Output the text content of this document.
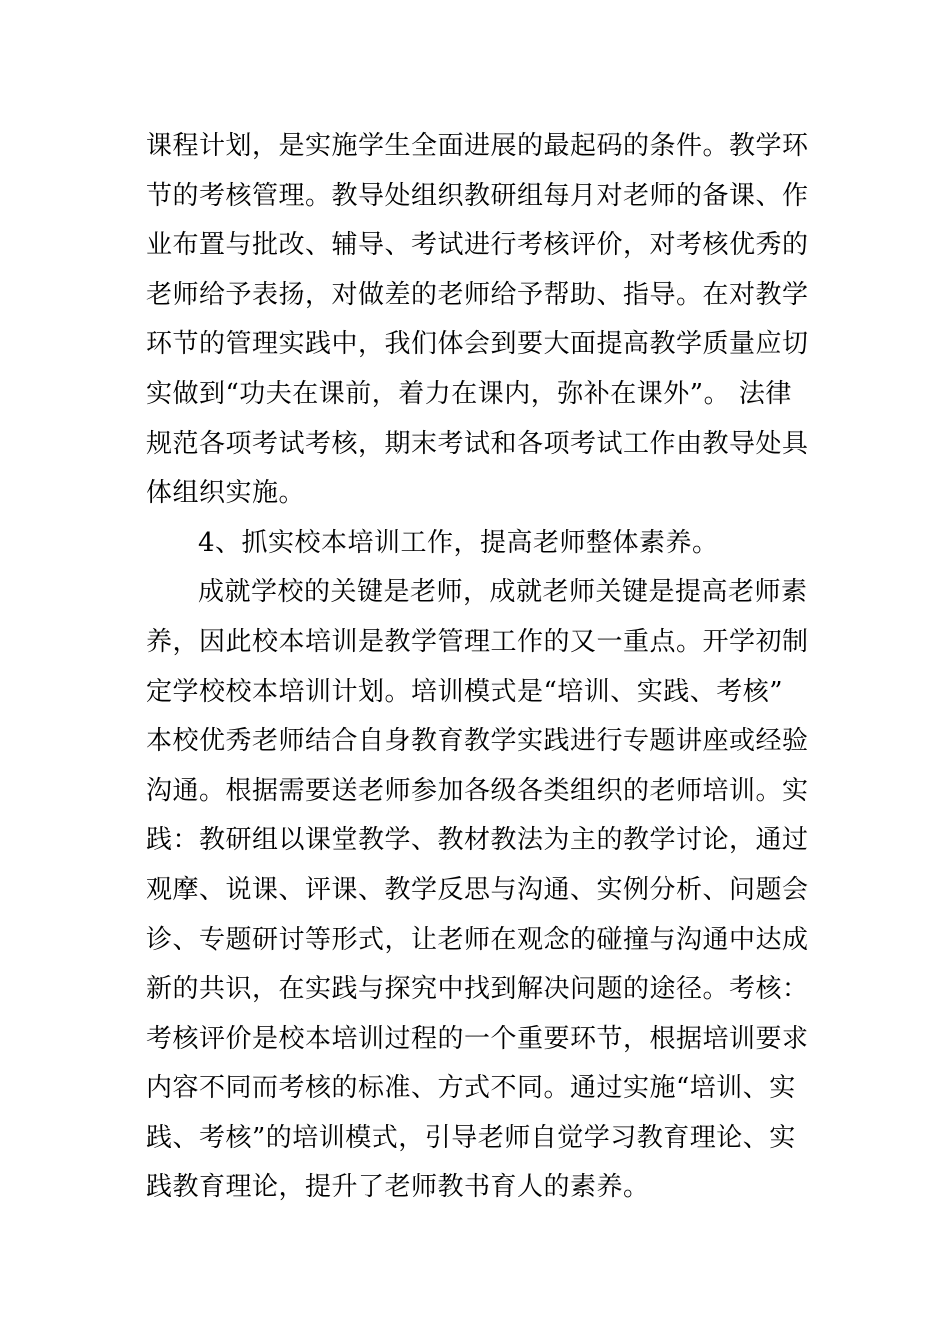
课程计划，是实施学生全面进展的最起码的条件。教学环
节的考核管理。教导处组织教研组每月对老师的备课、作
业布置与批改、辅导、考试进行考核评价，对考核优秀的
老师给予表扬，对做差的老师给予帮助、指导。在对教学
环节的管理实践中，我们体会到要大面提高教学质量应切
实做到“功夫在课前，着力在课内，弥补在课外”。 法律
规范各项考试考核，期末考试和各项考试工作由教导处具
体组织实施。
4、抓实校本培训工作，提高老师整体素养。
成就学校的关键是老师，成就老师关键是提高老师素
养，因此校本培训是教学管理工作的又一重点。开学初制
定学校校本培训计划。培训模式是“培训、实践、考核”
本校优秀老师结合自身教育教学实践进行专题讲座或经验
沟通。根据需要送老师参加各级各类组织的老师培训。实
践：教研组以课堂教学、教材教法为主的教学讨论，通过
观摩、说课、评课、教学反思与沟通、实例分析、问题会
诊、专题研讨等形式，让老师在观念的碰撞与沟通中达成
新的共识，在实践与探究中找到解决问题的途径。考核：
考核评价是校本培训过程的一个重要环节，根据培训要求
内容不同而考核的标准、方式不同。通过实施“培训、实
践、考核”的培训模式，引导老师自觉学习教育理论、实
践教育理论，提升了老师教书育人的素养。
